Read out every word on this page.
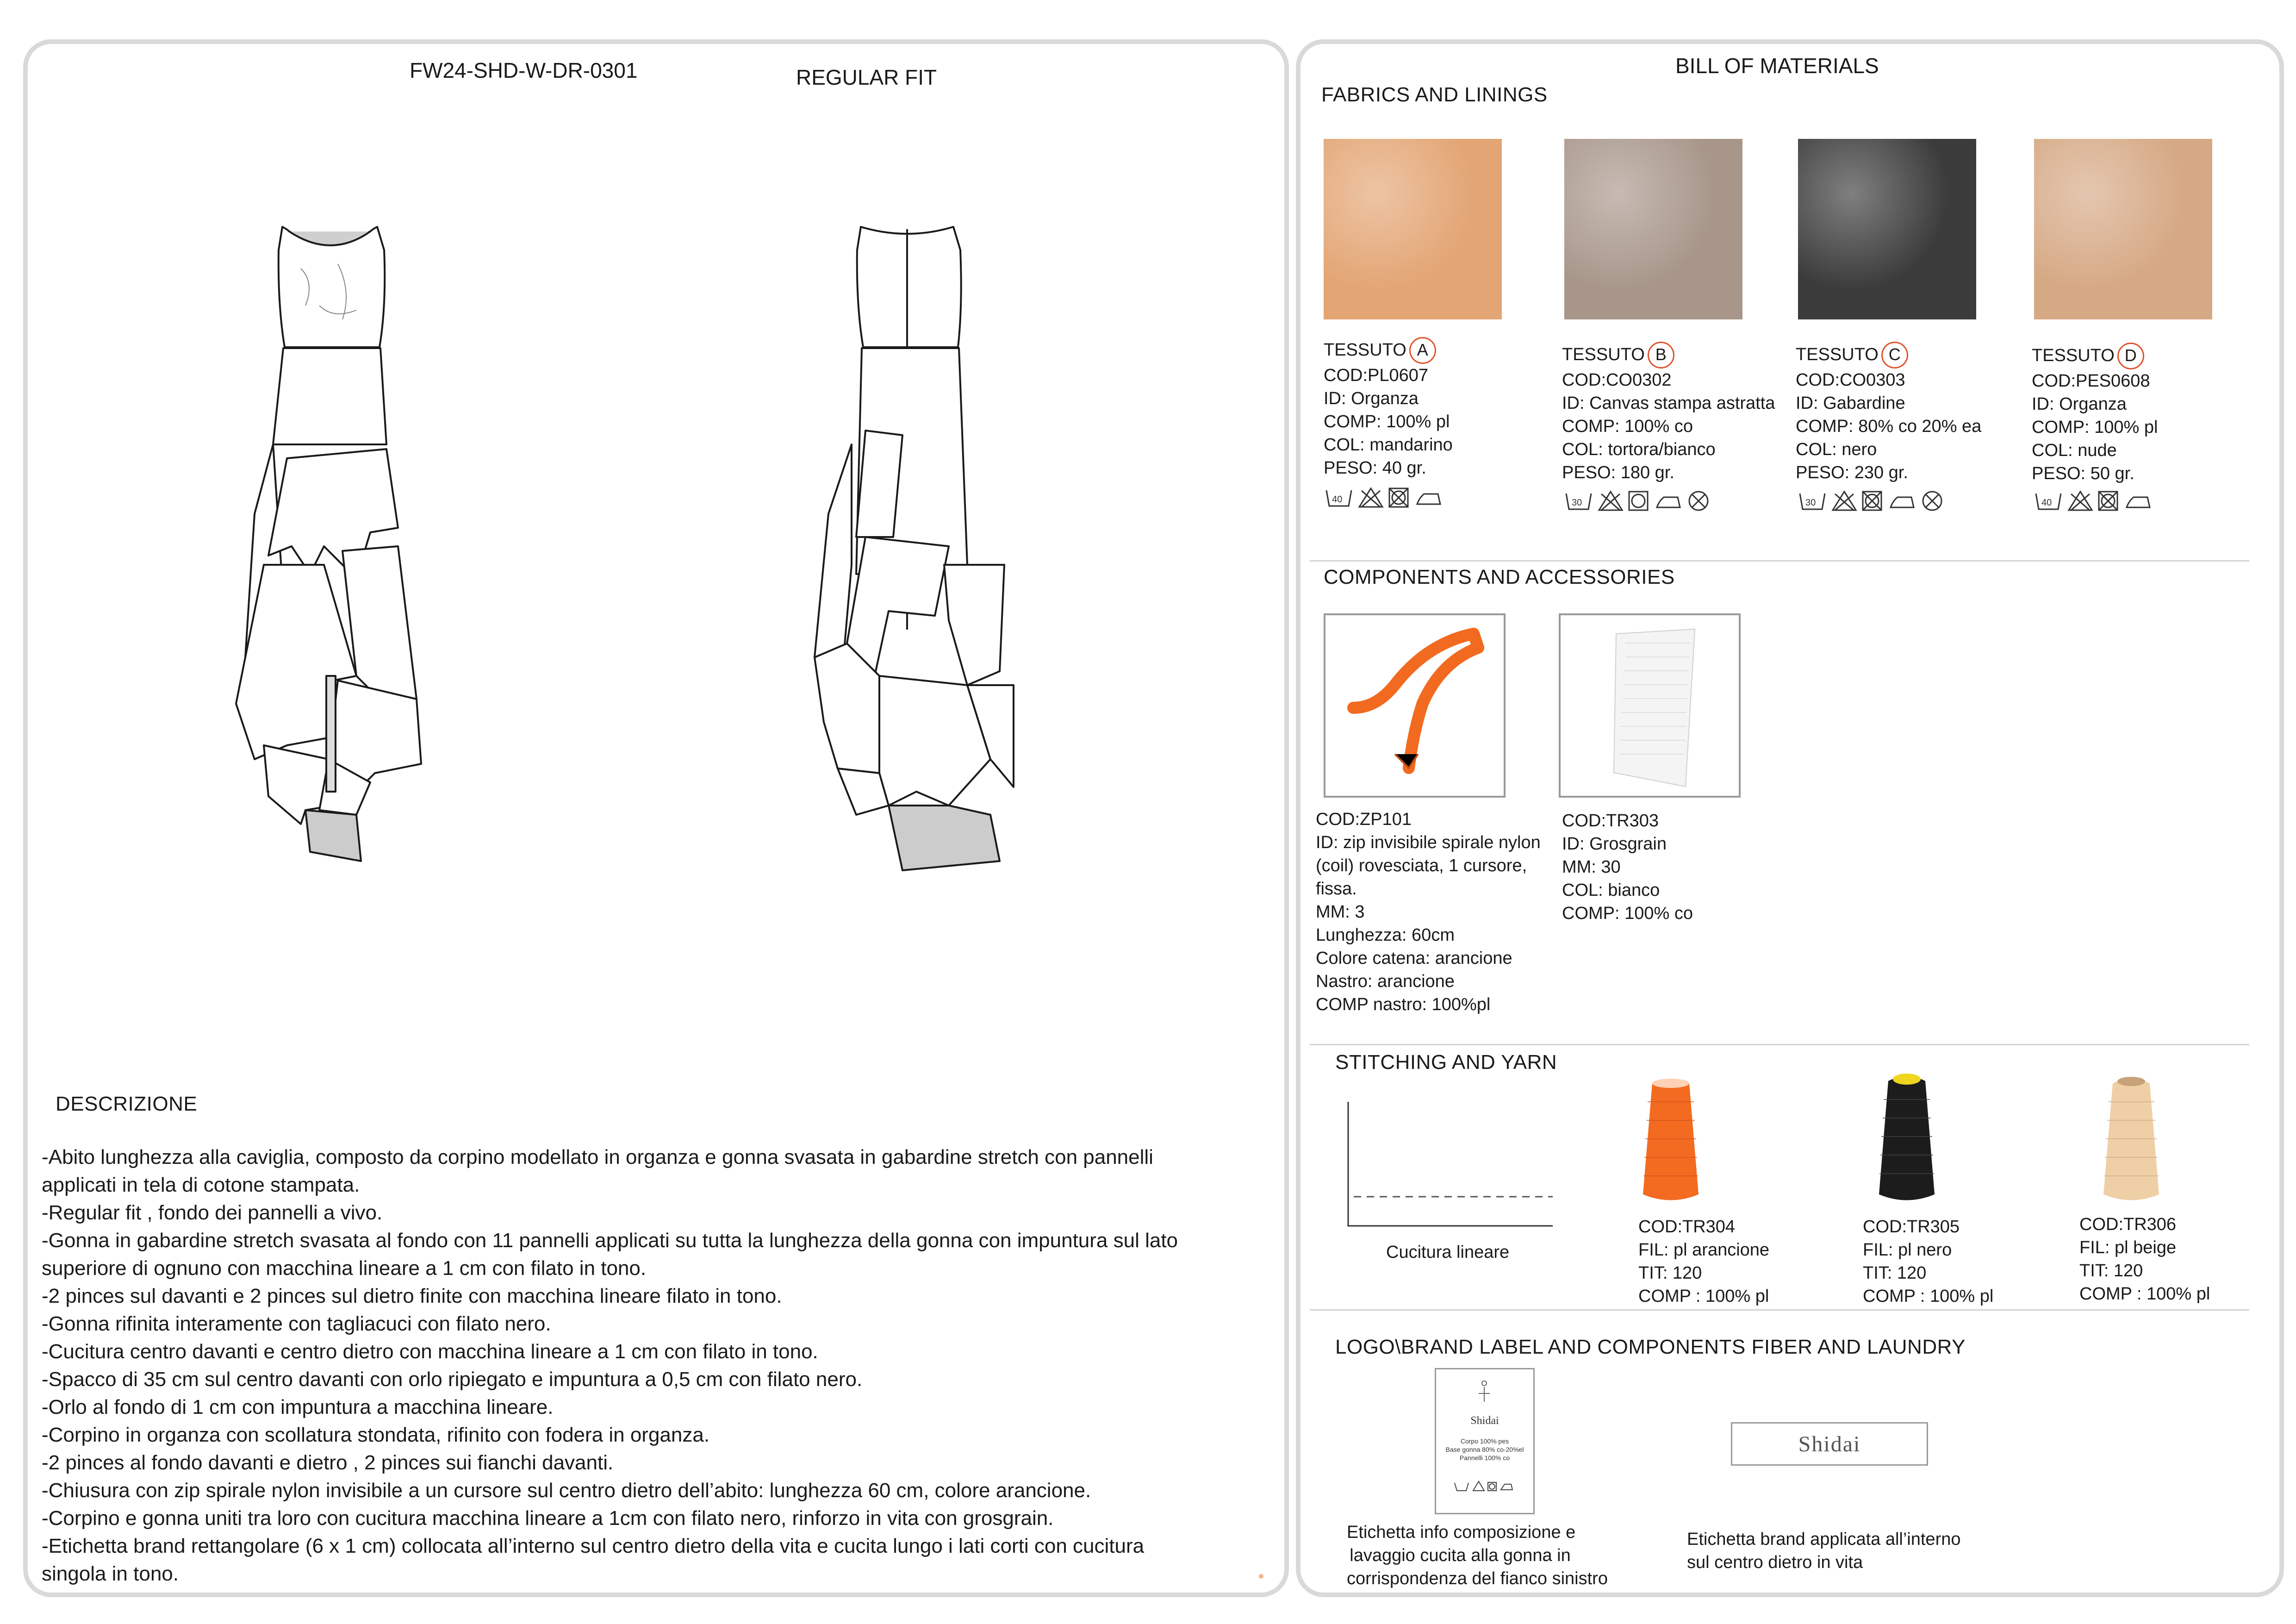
FW24-SHD-W-DR-0301	REGULAR FIT	BILL OF MATERIALS
DESCRIZIONE
-Abito lunghezza alla caviglia, composto da corpino modellato in organza e gonna svasata in gabardine stretch con pannelli
applicati in tela di cotone stampata.
-Regular fit , fondo dei pannelli a vivo.
-Gonna in gabardine stretch svasata al fondo con 11 pannelli applicati su tutta la lunghezza della gonna con impuntura sul lato
superiore di ognuno con macchina lineare a 1 cm con filato in tono.
-2 pinces sul davanti e 2 pinces sul dietro finite con macchina lineare filato in tono.
-Gonna rifinita interamente con tagliacuci con filato nero.
-Cucitura centro davanti e centro dietro con macchina lineare a 1 cm con filato in tono.
-Spacco di 35 cm sul centro davanti con orlo ripiegato e impuntura a 0,5 cm con filato nero.
-Orlo al fondo di 1 cm con impuntura a macchina lineare.
-Corpino in organza con scollatura stondata, rifinito con fodera in organza.
-2 pinces al fondo davanti e dietro , 2 pinces sui fianchi davanti.
-Chiusura con zip spirale nylon invisibile a un cursore sul centro dietro dell’abito: lunghezza 60 cm, colore arancione.
-Corpino e gonna uniti tra loro con cucitura macchina lineare a 1cm con filato nero, rinforzo in vita con grosgrain.
-Etichetta brand rettangolare (6 x 1 cm) collocata all’interno sul centro dietro della vita e cucita lungo i lati corti con cucitura
singola in tono.
FABRICS AND LININGS
TESSUTO A
COD:PL0607
ID: Organza
COMP: 100% pl
COL: mandarino
PESO: 40 gr.
TESSUTO B
COD:CO0302
ID: Canvas stampa astratta
COMP: 100% co
COL: tortora/bianco
PESO: 180 gr.
TESSUTO C
COD:CO0303
ID: Gabardine
COMP: 80% co 20% ea
COL: nero
PESO: 230 gr.
TESSUTO D
COD:PES0608
ID: Organza
COMP: 100% pl
COL: nude
PESO: 50 gr.
40	30	30	40
COMPONENTS AND ACCESSORIES
COD:ZP101
ID: zip invisibile spirale nylon
(coil) rovesciata, 1 cursore,
fissa.
MM: 3
Lunghezza: 60cm
Colore catena: arancione
Nastro: arancione
COMP nastro: 100%pl
COD:TR303
ID: Grosgrain
MM: 30
COL: bianco
COMP: 100% co
STITCHING AND YARN
Cucitura lineare
COD:TR304
FIL: pl arancione
TIT: 120
COMP : 100% pl
COD:TR305
FIL: pl nero
TIT: 120
COMP : 100% pl
COD:TR306
FIL: pl beige
TIT: 120
COMP : 100% pl
LOGO\BRAND LABEL AND COMPONENTS FIBER AND LAUNDRY
Shidai
Corpo 100% pes
Base gonna 80% co-20%el
Pannelli 100% co
Etichetta info composizione e
lavaggio cucita alla gonna in
corrispondenza del fianco sinistro
Shidai
Etichetta brand applicata all’interno
sul centro dietro in vita
